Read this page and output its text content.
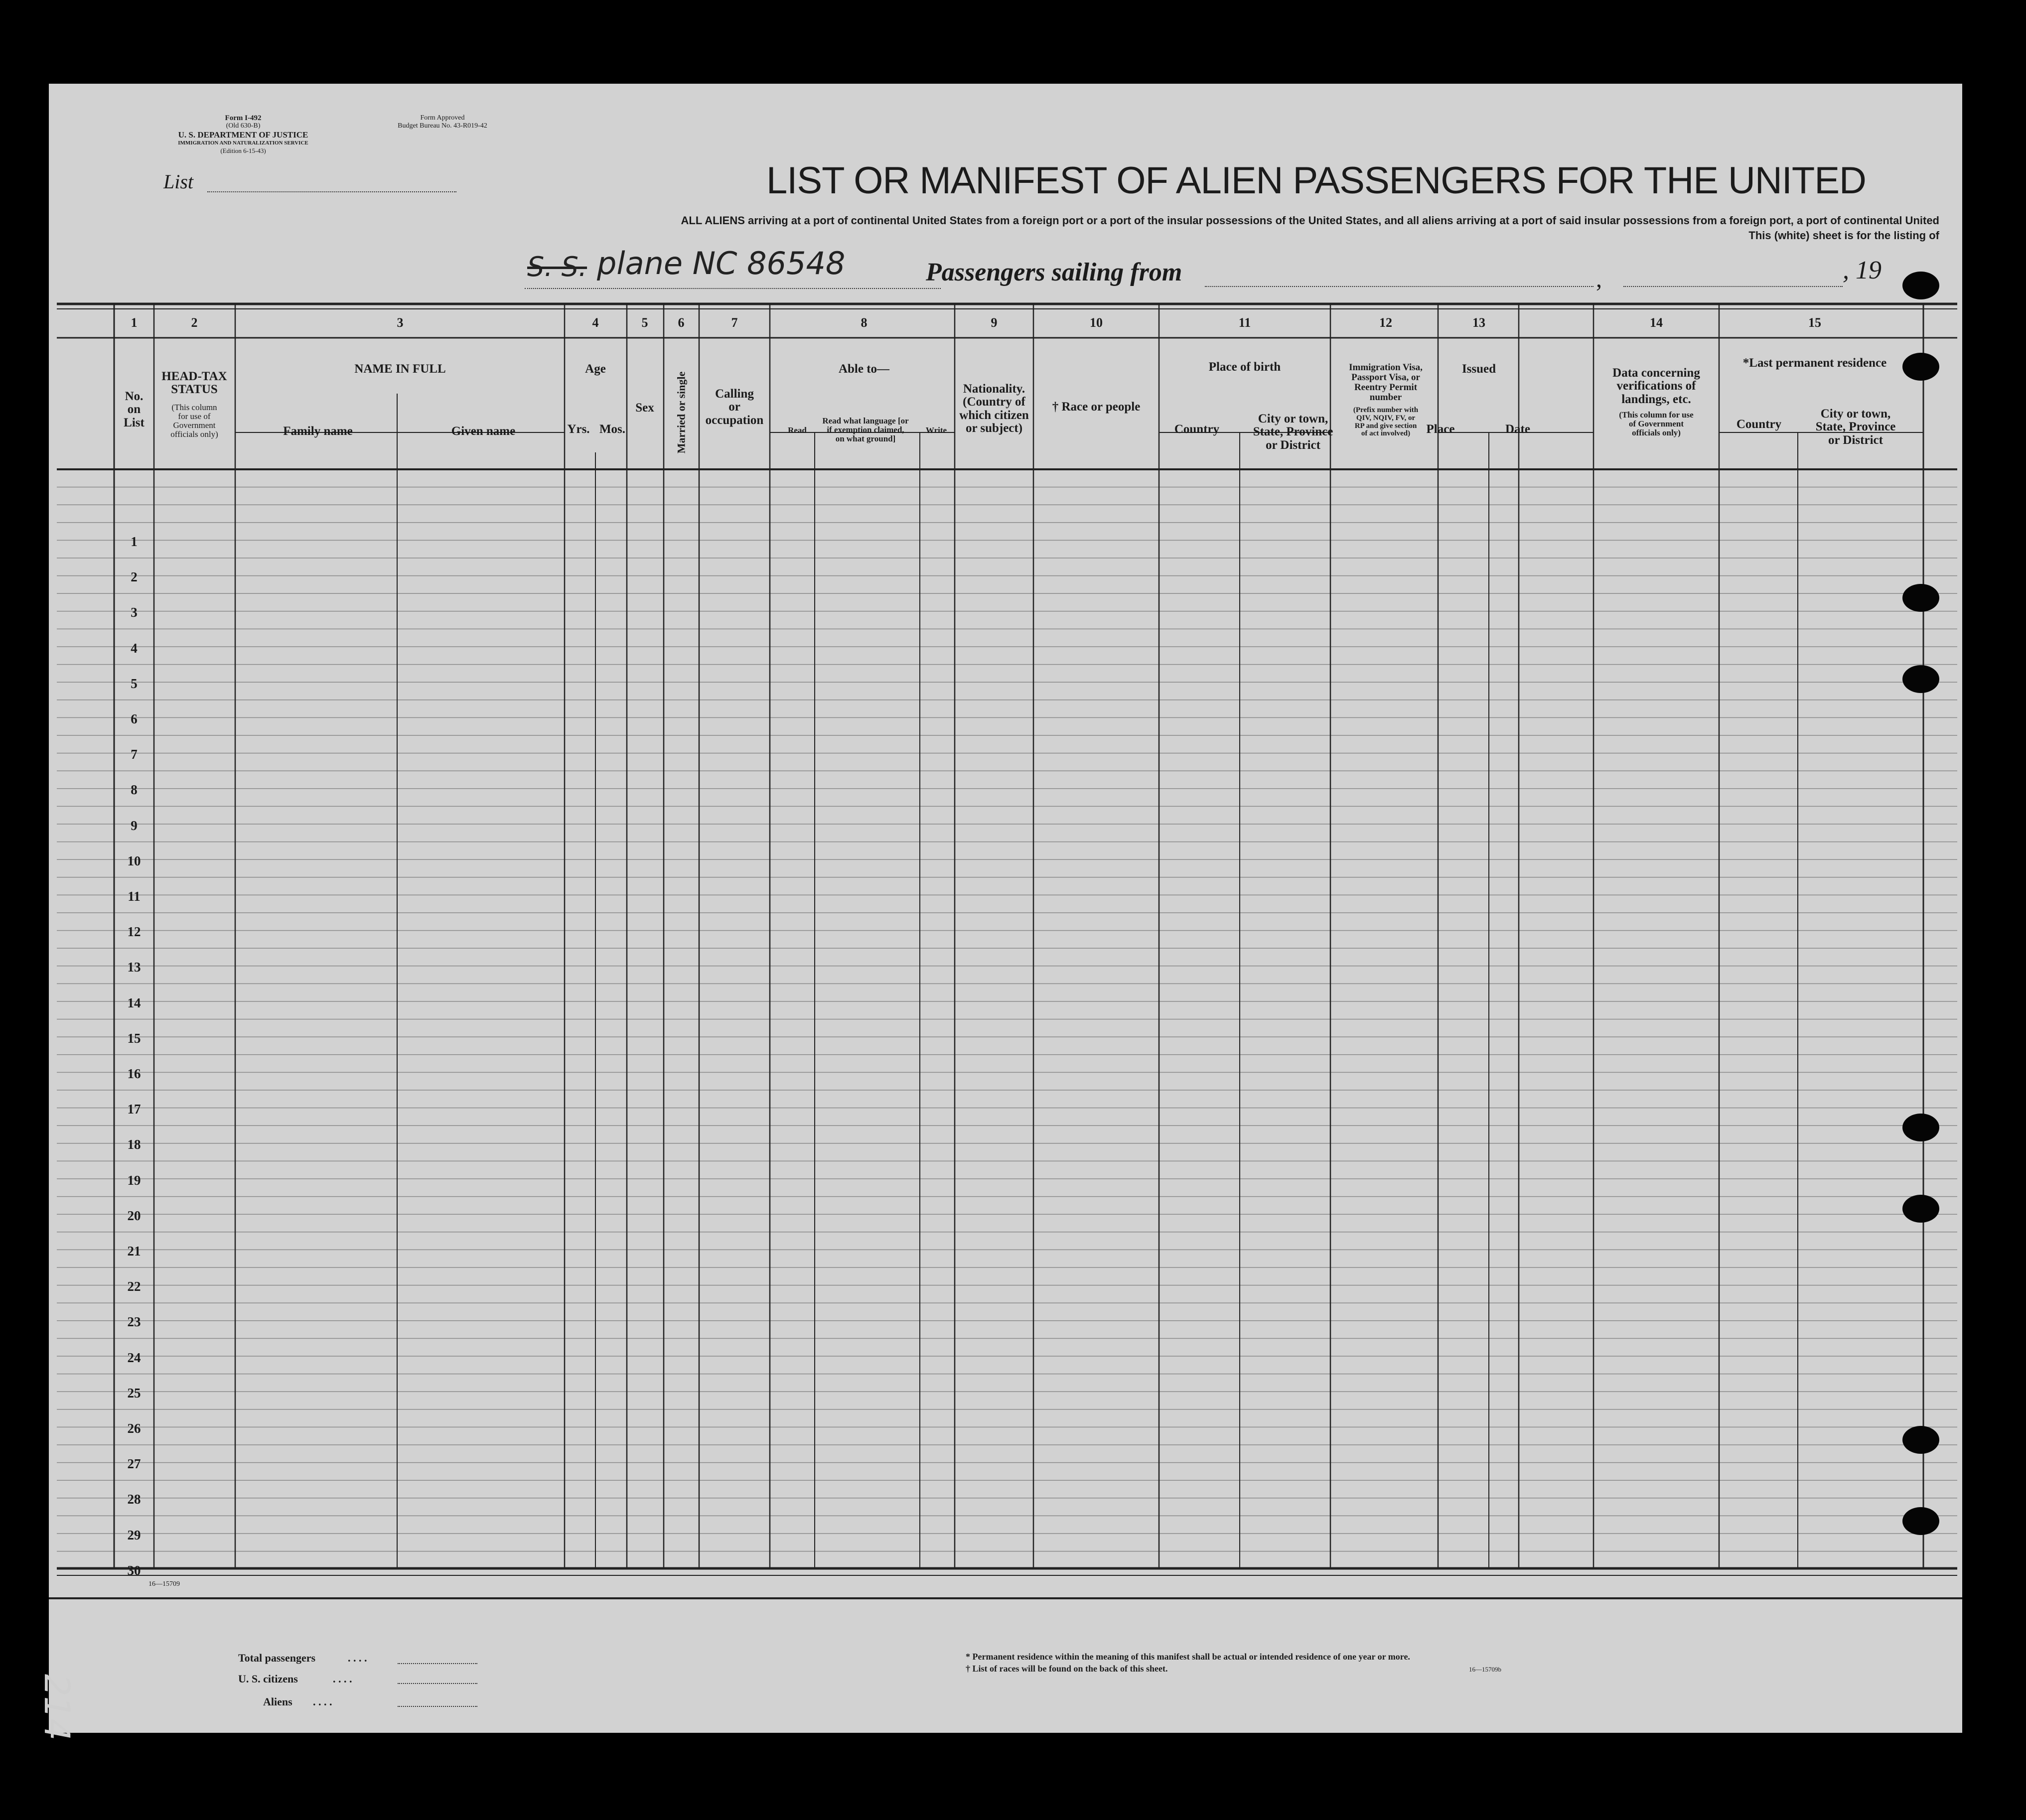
Form I-492
(Old 630-B)
U. S. DEPARTMENT OF JUSTICE
IMMIGRATION AND NATURALIZATION SERVICE
(Edition 6-15-43)
Form Approved
Budget Bureau No. 43-R019-42
List	LIST OR MANIFEST OF ALIEN PASSENGERS FOR THE UNITED
ALL ALIENS arriving at a port of continental United States from a foreign port or a port of the insular possessions of the United States, and all aliens arriving at a port of said insular possessions from a foreign port, a port of continental United
This (white) sheet is for the listing of
S. S. plane NC 86548	Passengers sailing from	,	, 19
1	2	3	4	5 6	7	8	9	10	11	12	13	14	15
No.
on
List
HEAD-TAX
STATUS
(This column
for use of
Government
officials only)
NAME IN FULL
Family name	Given name
Age
Yrs. Mos.
Sex Married or single	Calling
or
occupation
Able to—
Read
Read what language [or
if exemption claimed,
on what ground]
Write
Nationality.
(Country of
which citizen
or subject)
† Race or people
Place of birth
Country
City or town,
State, Province
or District
Immigration Visa,
Passport Visa, or
Reentry Permit
number
(Prefix number with
QIV, NQIV, FV, or
RP and give section
of act involved)
Issued
Place	Date
Data concerning
verifications of
landings, etc.
(This column for use
of Government
officials only)
*Last permanent residence
Country
City or town,
State, Province
or District
1
2
3
4
5
6
7
8
9
10
11
12
13
14
15
16
17
18
19
20
21
22
23
24
25
26
27
28
29
30
16—15709
Total passengers	. . . .
U. S. citizens	. . . .
Aliens . . . .
* Permanent residence within the meaning of this manifest shall be actual or intended residence of one year or more.
† List of races will be found on the back of this sheet.	16—15709b
214
